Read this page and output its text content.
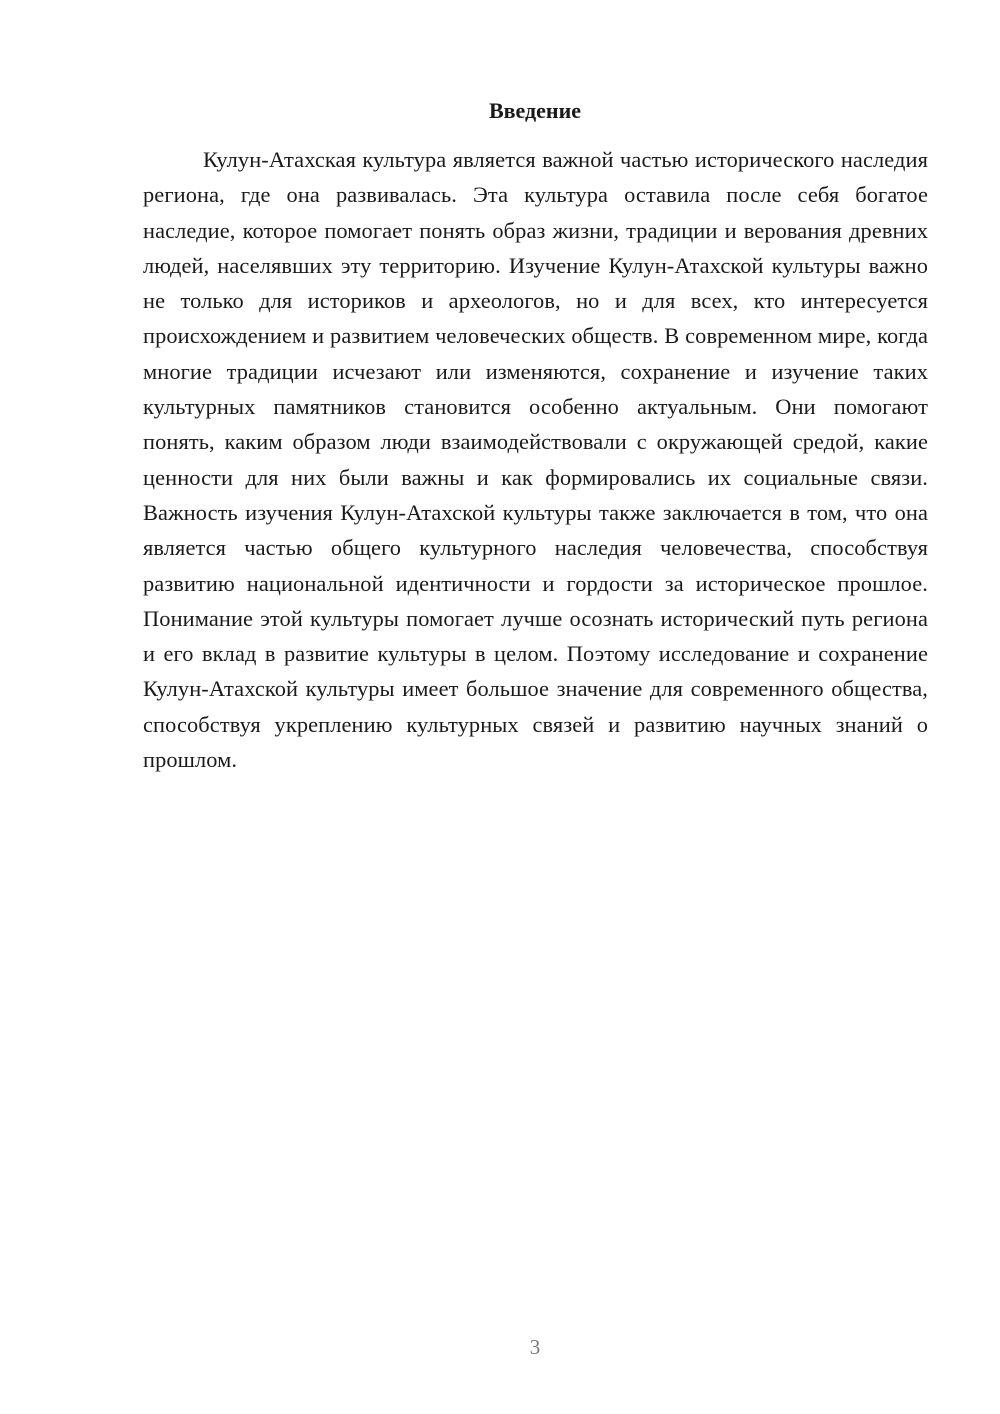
Введение

Кулун-Атахская культура является важной частью исторического наследия региона, где она развивалась. Эта культура оставила после себя богатое наследие, которое помогает понять образ жизни, традиции и верования древних людей, населявших эту территорию. Изучение Кулун-Атахской культуры важно не только для историков и археологов, но и для всех, кто интересуется происхождением и развитием человеческих обществ. В современном мире, когда многие традиции исчезают или изменяются, сохранение и изучение таких культурных памятников становится особенно актуальным. Они помогают понять, каким образом люди взаимодействовали с окружающей средой, какие ценности для них были важны и как формировались их социальные связи. Важность изучения Кулун-Атахской культуры также заключается в том, что она является частью общего культурного наследия человечества, способствуя развитию национальной идентичности и гордости за историческое прошлое. Понимание этой культуры помогает лучше осознать исторический путь региона и его вклад в развитие культуры в целом. Поэтому исследование и сохранение Кулун-Атахской культуры имеет большое значение для современного общества, способствуя укреплению культурных связей и развитию научных знаний о прошлом.

3
